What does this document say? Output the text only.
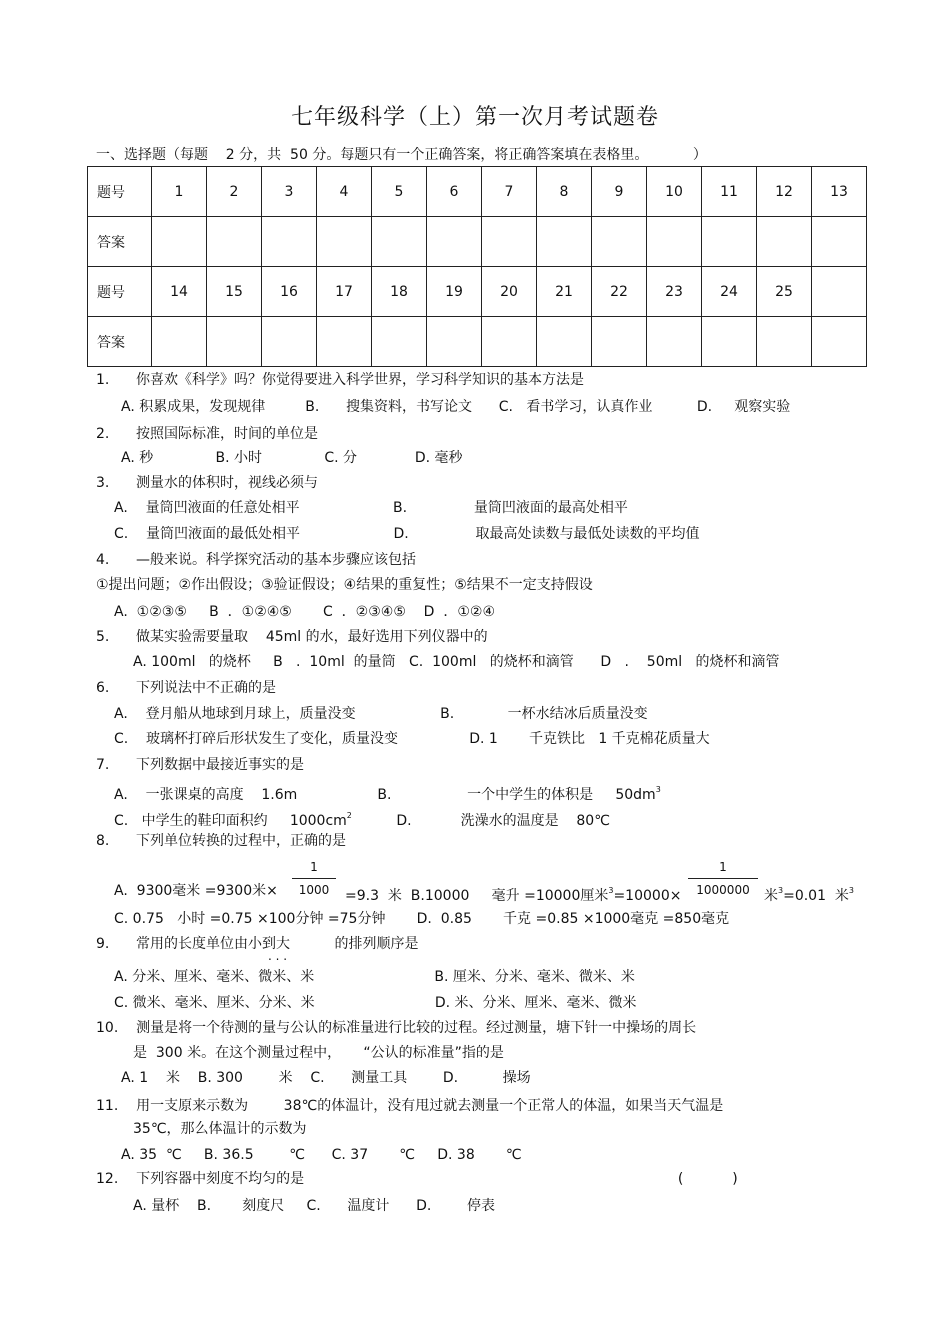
七年级科学（上）第一次月考试题卷
一、选择题（每题    2 分，共  50 分。每题只有一个正确答案，将正确答案填在表格里。          ）
题号	1	2	3	4	5	6	7	8	9	10	11	12	13
答案													
题号	14	15	16	17	18	19	20	21	22	23	24	25	
答案													
1.      你喜欢《科学》吗？你觉得要进入科学世界，学习科学知识的基本方法是
A. 积累成果，发现规律         B.      搜集资料，书写论文      C.   看书学习，认真作业          D.     观察实验
2.      按照国际标准，时间的单位是
A. 秒              B. 小时              C. 分             D. 毫秒
3.      测量水的体积时，视线必须与
A.    量筒凹液面的任意处相平                     B.               量筒凹液面的最高处相平
C.    量筒凹液面的最低处相平                     D.               取最高处读数与最低处读数的平均值
4.      —般来说。科学探究活动的基本步骤应该包括
①提出问题；②作出假设；③验证假设；④结果的重复性；⑤结果不一定支持假设
A.  ①②③⑤     B  ．①②④⑤       C  ．②③④⑤    D  ．①②④
5.      做某实验需要量取    45ml 的水，最好选用下列仪器中的
A. 100ml   的烧杯     B   .  10ml  的量筒   C.  100ml   的烧杯和滴管      D   .    50ml   的烧杯和滴管
6.      下列说法中不正确的是
A.    登月船从地球到月球上，质量没变                   B.            一杯水结冰后质量没变
C.    玻璃杯打碎后形状发生了变化，质量没变                D. 1       千克铁比   1 千克棉花质量大
7.      下列数据中最接近事实的是
A.    一张课桌的高度    1.6m                  B.                 一个中学生的体积是     $50dm^3$
C.   中学生的鞋印面积约     $1000cm^2$          D.           洗澡水的温度是    80℃
8.      下列单位转换的过程中，正确的是
1
1000
1
1000000
A.  9300毫米 =9300米×	=9.3  米  B.10000     毫升 =10000厘米$^3$=10000×	米$^3$=0.01  米$^3$
C. 0.75   小时 =0.75 ×100分钟 =75分钟       D.  0.85       千克 =0.85 ×1000毫克 =850毫克
9.      常用的长度单位由小到大          的排列顺序是
. . .
A. 分米、厘米、毫米、微米、米                           B. 厘米、分米、毫米、微米、米
C. 微米、毫米、厘米、分米、米                           D. 米、分米、厘米、毫米、微米
10.    测量是将一个待测的量与公认的标准量进行比较的过程。经过测量，塘下针一中操场的周长
是  300 米。在这个测量过程中，     “公认的标准量”指的是
A. 1    米    B. 300        米    C.      测量工具        D.          操场
11.    用一支原来示数为        38℃的体温计，没有甩过就去测量一个正常人的体温，如果当天气温是
35℃，那么体温计的示数为
A. 35  ℃     B. 36.5        ℃      C. 37       ℃     D. 38       ℃
12.    下列容器中刻度不均匀的是                                                                                    (           )
A. 量杯    B.       刻度尺     C.      温度计      D.        停表
